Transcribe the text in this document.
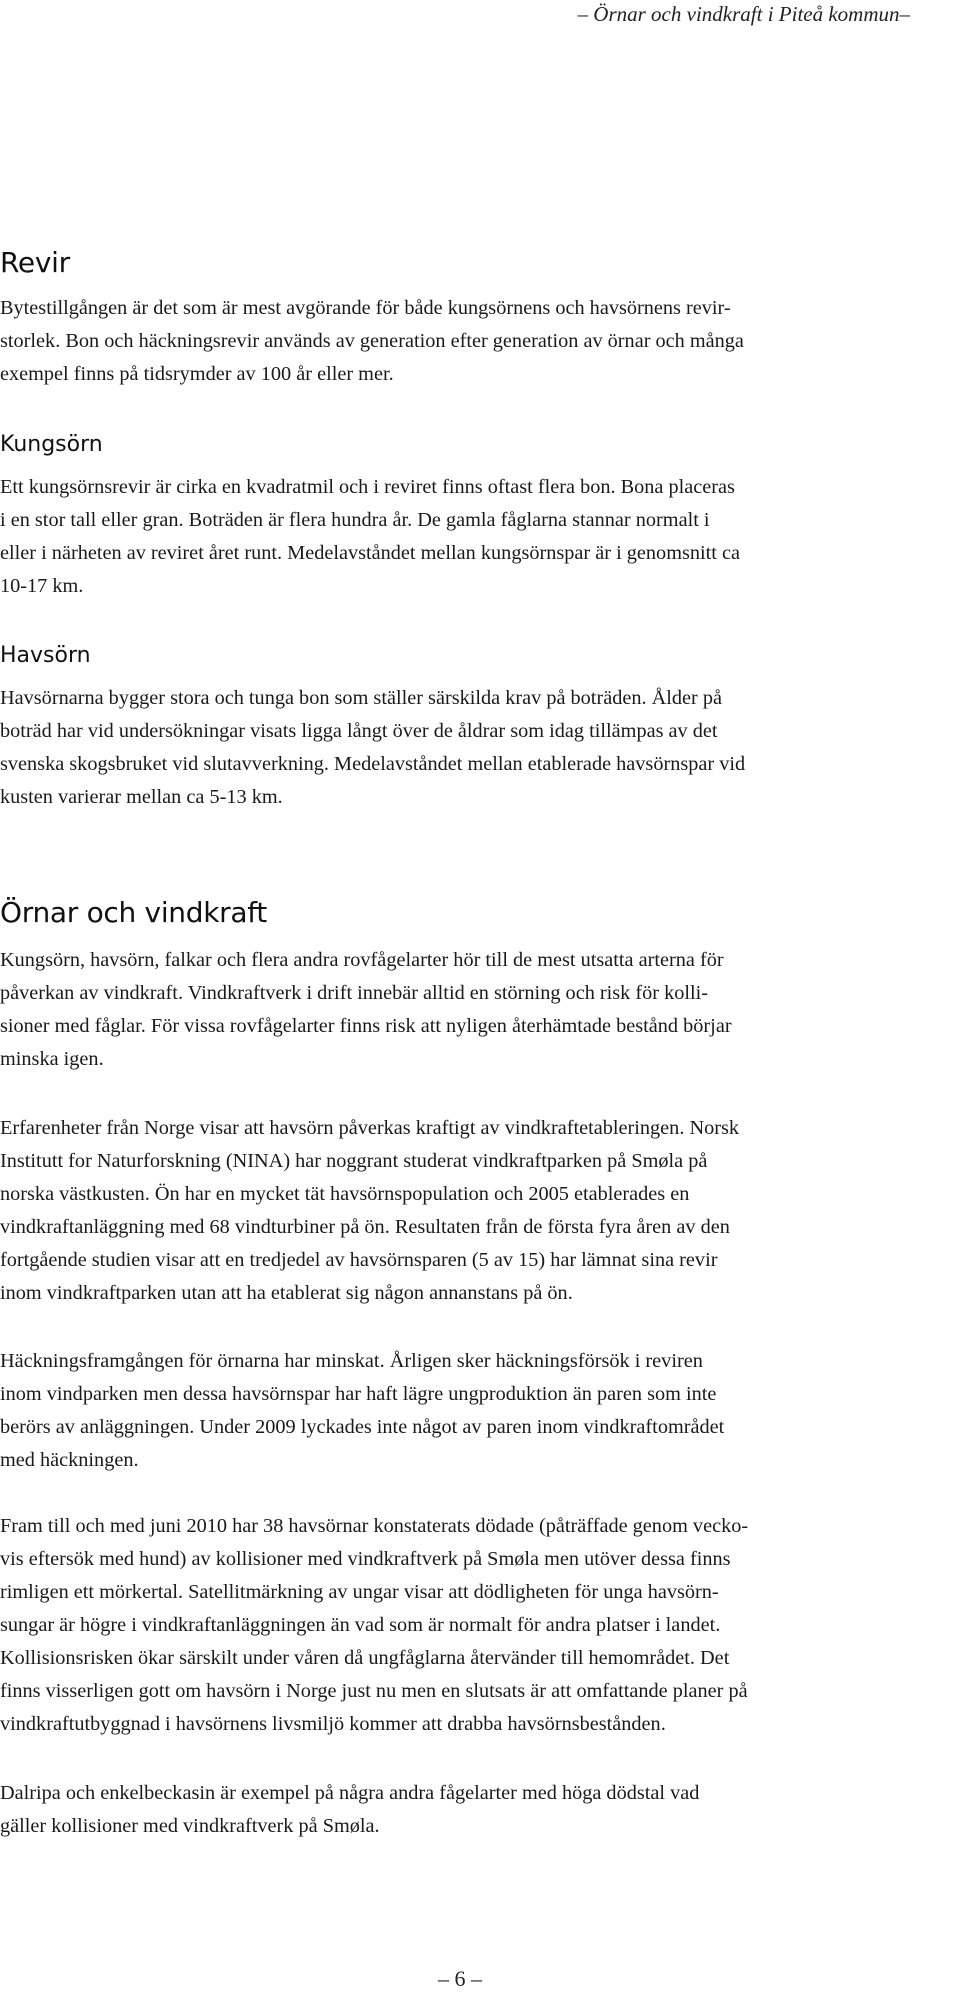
– Örnar och vindkraft i Piteå kommun–
Revir
Bytestillgången är det som är mest avgörande för både kungsörnens och havsörnens revir-
storlek. Bon och häckningsrevir används av generation efter generation av örnar och många
exempel finns på tidsrymder av 100 år eller mer.
Kungsörn
Ett kungsörnsrevir är cirka en kvadratmil och i reviret finns oftast flera bon. Bona placeras
i en stor tall eller gran. Boträden är flera hundra år. De gamla fåglarna stannar normalt i
eller i närheten av reviret året runt. Medelavståndet mellan kungsörnspar är i genomsnitt ca
10-17 km.
Havsörn
Havsörnarna bygger stora och tunga bon som ställer särskilda krav på boträden. Ålder på
boträd har vid undersökningar visats ligga långt över de åldrar som idag tillämpas av det
svenska skogsbruket vid slutavverkning. Medelavståndet mellan etablerade havsörnspar vid
kusten varierar mellan ca 5-13 km.
Örnar och vindkraft
Kungsörn, havsörn, falkar och flera andra rovfågelarter hör till de mest utsatta arterna för
påverkan av vindkraft. Vindkraftverk i drift innebär alltid en störning och risk för kolli-
sioner med fåglar. För vissa rovfågelarter finns risk att nyligen återhämtade bestånd börjar
minska igen.
Erfarenheter från Norge visar att havsörn påverkas kraftigt av vindkraftetableringen. Norsk
Institutt for Naturforskning (NINA) har noggrant studerat vindkraftparken på Smøla på
norska västkusten. Ön har en mycket tät havsörnspopulation och 2005 etablerades en
vindkraftanläggning med 68 vindturbiner på ön. Resultaten från de första fyra åren av den
fortgående studien visar att en tredjedel av havsörnsparen (5 av 15) har lämnat sina revir
inom vindkraftparken utan att ha etablerat sig någon annanstans på ön.
Häckningsframgången för örnarna har minskat. Årligen sker häckningsförsök i reviren
inom vindparken men dessa havsörnspar har haft lägre ungproduktion än paren som inte
berörs av anläggningen. Under 2009 lyckades inte något av paren inom vindkraftområdet
med häckningen.
Fram till och med juni 2010 har 38 havsörnar konstaterats dödade (påträffade genom vecko-
vis eftersök med hund) av kollisioner med vindkraftverk på Smøla men utöver dessa finns
rimligen ett mörkertal. Satellitmärkning av ungar visar att dödligheten för unga havsörn-
sungar är högre i vindkraftanläggningen än vad som är normalt för andra platser i landet.
Kollisionsrisken ökar särskilt under våren då ungfåglarna återvänder till hemområdet. Det
finns visserligen gott om havsörn i Norge just nu men en slutsats är att omfattande planer på
vindkraftutbyggnad i havsörnens livsmiljö kommer att drabba havsörnsbestånden.
Dalripa och enkelbeckasin är exempel på några andra fågelarter med höga dödstal vad
gäller kollisioner med vindkraftverk på Smøla.
– 6 –
